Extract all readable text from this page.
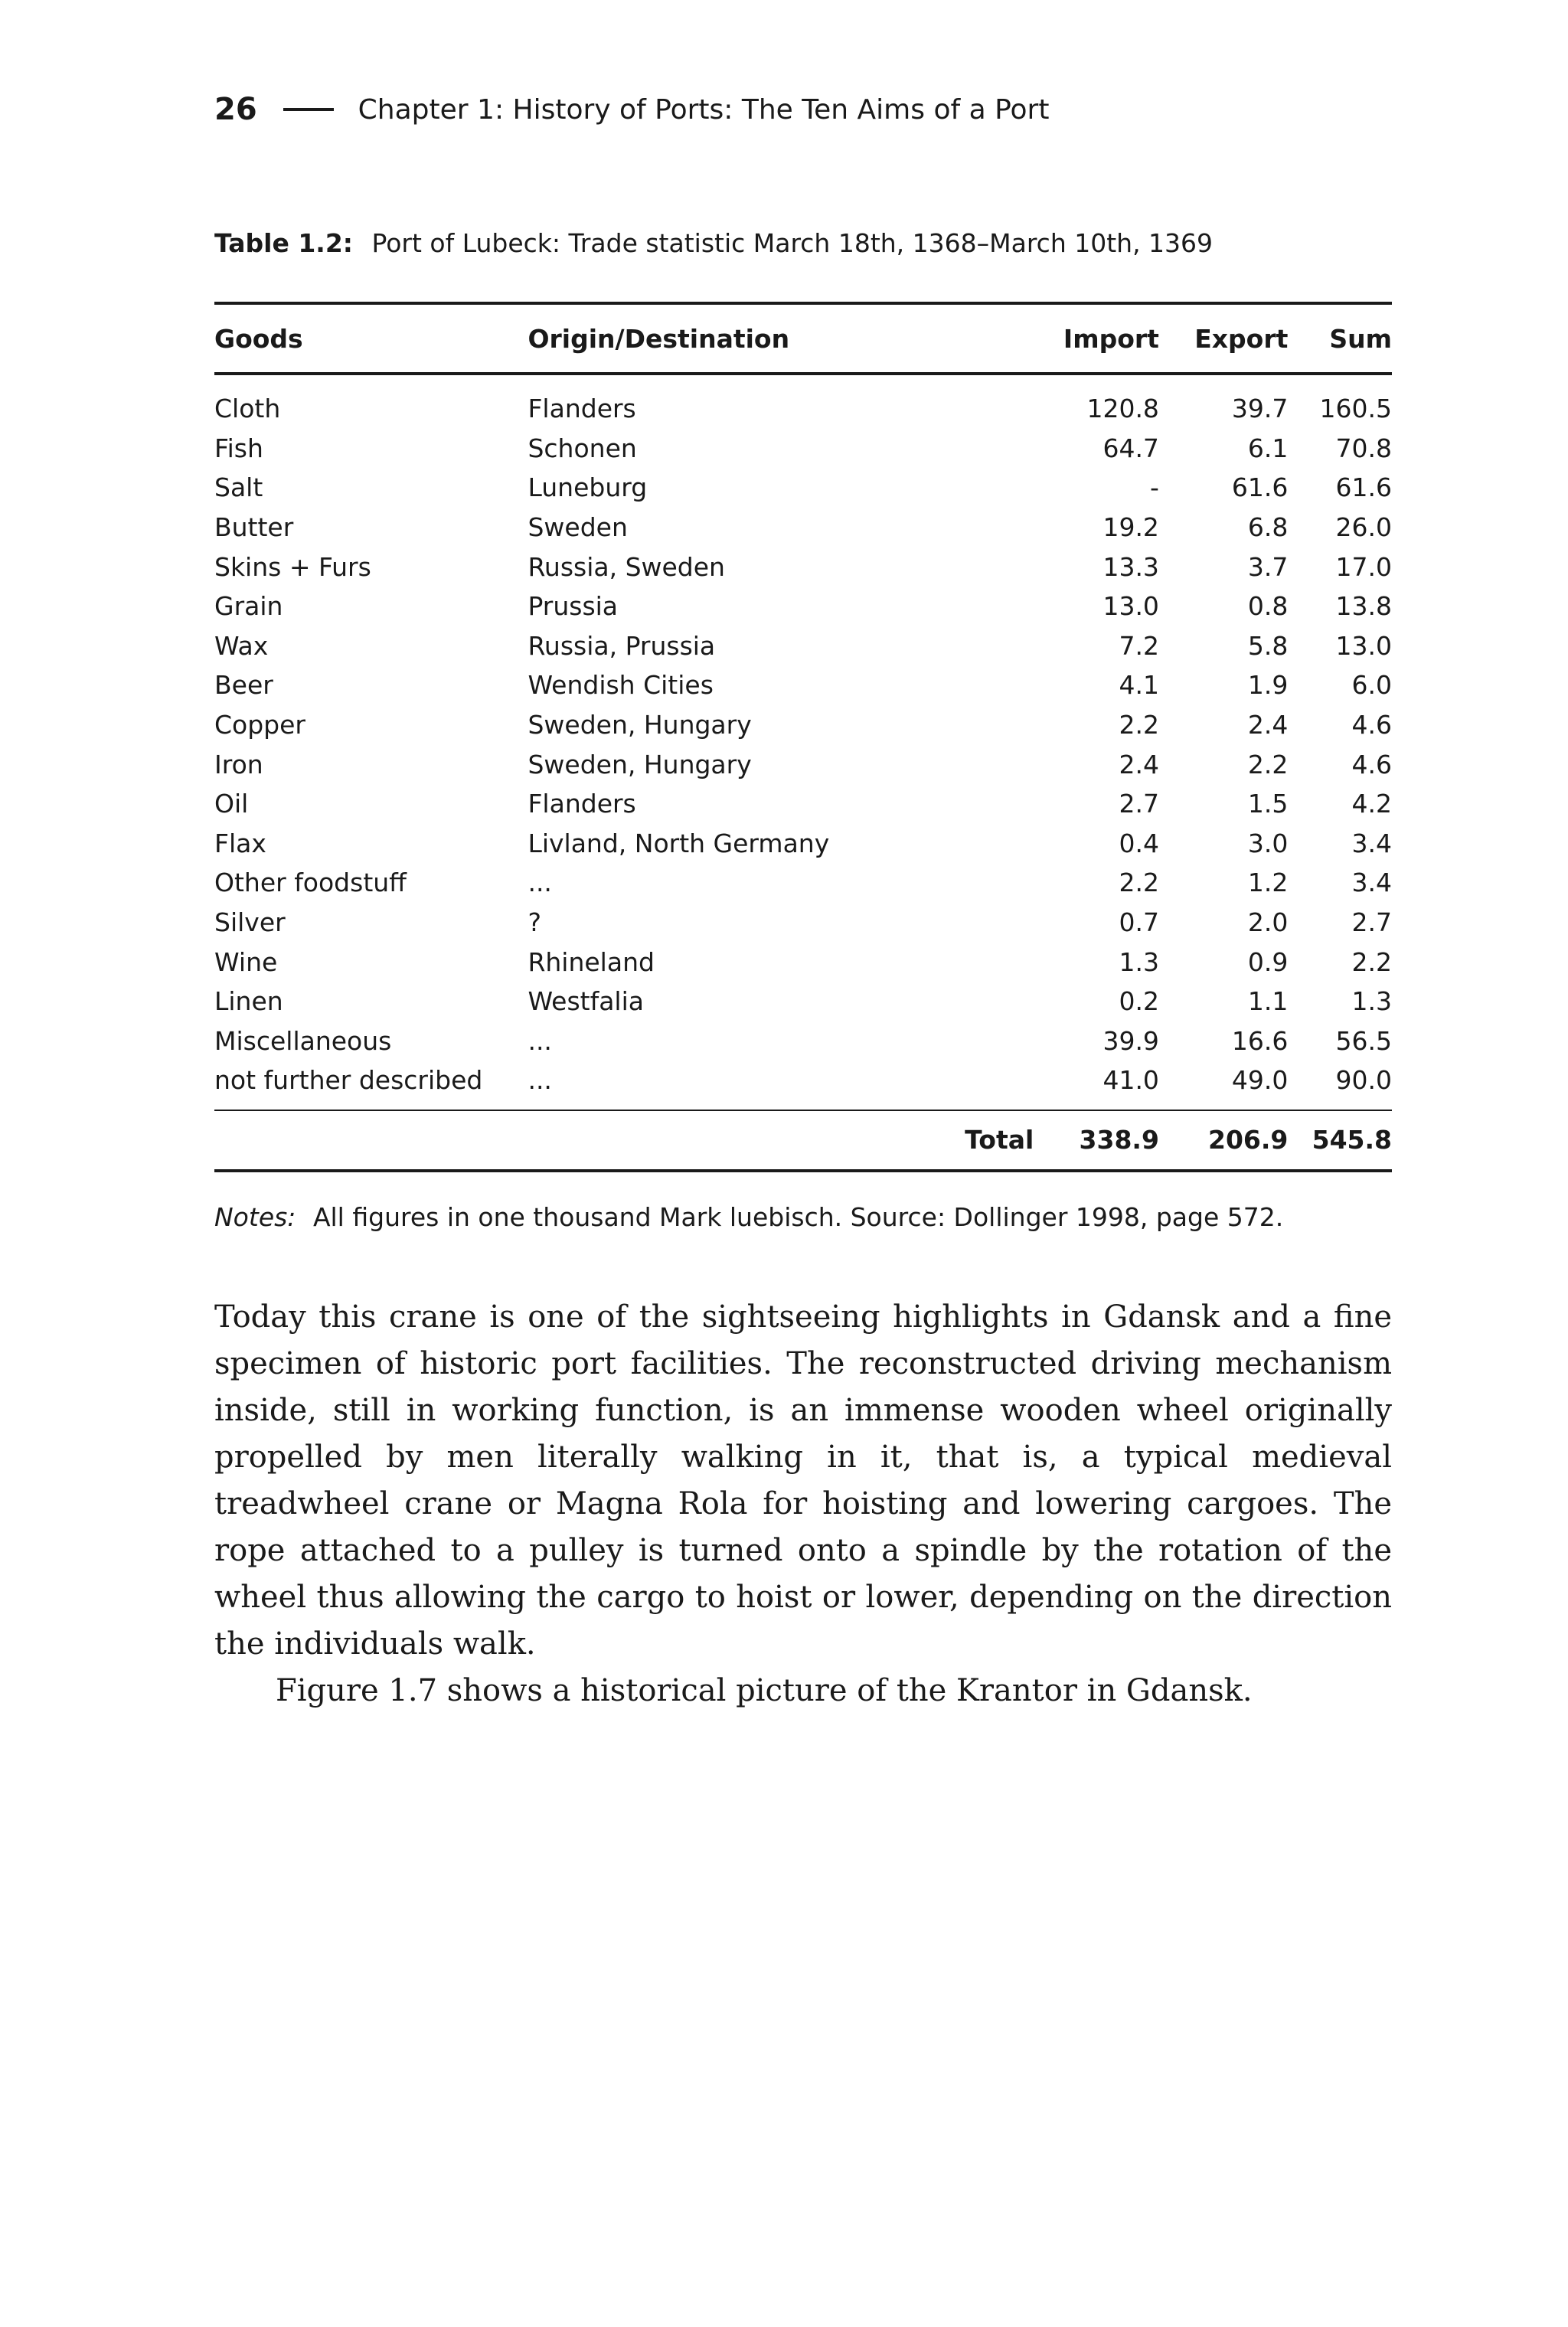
26	Chapter 1: History of Ports: The Ten Aims of a Port
Table 1.2: Port of Lubeck: Trade statistic March 18th, 1368–March 10th, 1369
Goods	Origin/Destination	Import	Export	Sum
Cloth	Flanders	120.8	39.7	160.5
Fish	Schonen	64.7	6.1	70.8
Salt	Luneburg	-	61.6	61.6
Butter	Sweden	19.2	6.8	26.0
Skins + Furs	Russia, Sweden	13.3	3.7	17.0
Grain	Prussia	13.0	0.8	13.8
Wax	Russia, Prussia	7.2	5.8	13.0
Beer	Wendish Cities	4.1	1.9	6.0
Copper	Sweden, Hungary	2.2	2.4	4.6
Iron	Sweden, Hungary	2.4	2.2	4.6
Oil	Flanders	2.7	1.5	4.2
Flax	Livland, North Germany	0.4	3.0	3.4
Other foodstuff	...	2.2	1.2	3.4
Silver	?	0.7	2.0	2.7
Wine	Rhineland	1.3	0.9	2.2
Linen	Westfalia	0.2	1.1	1.3
Miscellaneous	...	39.9	16.6	56.5
not further described	...	41.0	49.0	90.0
	Total	338.9	206.9	545.8
Notes: All figures in one thousand Mark luebisch. Source: Dollinger 1998, page 572.

Today this crane is one of the sightseeing highlights in Gdansk and a fine specimen of historic port facilities. The reconstructed driving mechanism inside, still in working function, is an immense wooden wheel originally propelled by men literally walking in it, that is, a typical medieval treadwheel crane or Magna Rola for hoisting and lowering cargoes. The rope attached to a pulley is turned onto a spindle by the rotation of the wheel thus allowing the cargo to hoist or lower, depending on the direction the individuals walk.

Figure 1.7 shows a historical picture of the Krantor in Gdansk.
